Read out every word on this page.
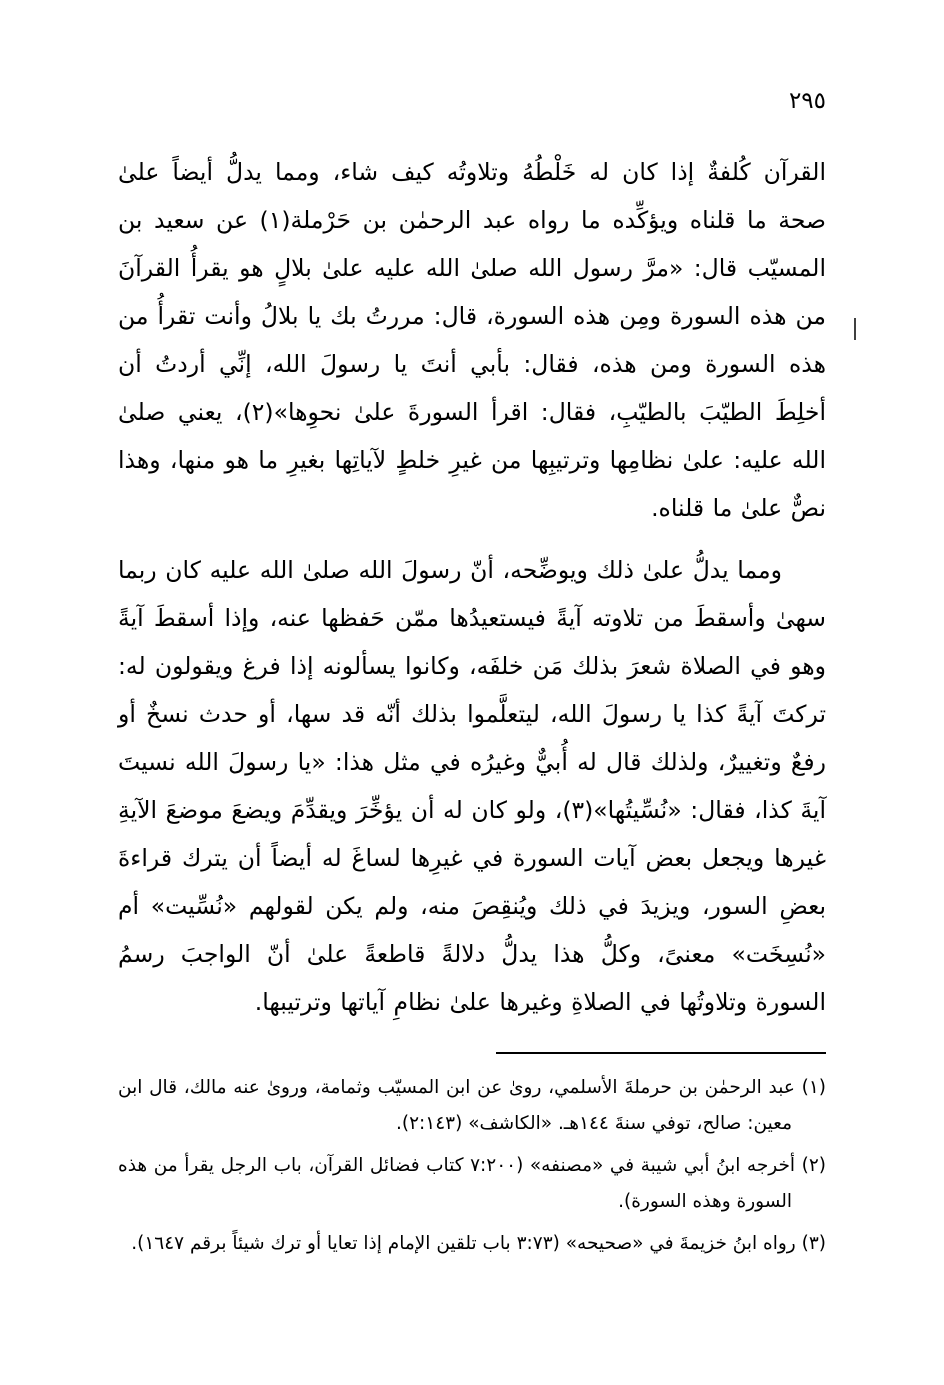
٢٩٥

القرآن كُلفةٌ إذا كان له خَلْطُهُ وتلاوتُه كيف شاء، ومما يدلُّ أيضاً علىٰ صحة ما قلناه ويؤكِّده ما رواه عبد الرحمٰن بن حَرْملة(١) عن سعيد بن المسيّب قال: «مرَّ رسول الله صلىٰ الله عليه علىٰ بلالٍ هو يقرأُ القرآنَ من هذه السورة ومِن هذه السورة، قال: مررتُ بك يا بلالُ وأنت تقرأُ من هذه السورة ومن هذه، فقال: بأبي أنتَ يا رسولَ الله، إنِّي أردتُ أن أخلِطَ الطيّبَ بالطيّبِ، فقال: اقرأ السورةَ علىٰ نحوِها»(٢)، يعني صلىٰ الله عليه: علىٰ نظامِها وترتيبِها من غيرِ خلطٍ لآياتِها بغيرِ ما هو منها، وهذا نصٌّ علىٰ ما قلناه.

ومما يدلُّ علىٰ ذلك ويوضِّحه، أنّ رسولَ الله صلىٰ الله عليه كان ربما سهىٰ وأسقطَ من تلاوته آيةً فيستعيدُها ممّن حَفظها عنه، وإذا أسقطَ آيةً وهو في الصلاة شعرَ بذلك مَن خلفَه، وكانوا يسألونه إذا فرغ ويقولون له: تركتَ آيةً كذا يا رسولَ الله، ليتعلَّموا بذلك أنّه قد سها، أو حدث نسخٌ أو رفعٌ وتغييرٌ، ولذلك قال له أُبيٌّ وغيرُه في مثل هذا: «يا رسولَ الله نسيتَ آيةَ كذا، فقال: «نُسِّيتُها»(٣)، ولو كان له أن يؤخِّرَ ويقدِّمَ ويضعَ موضعَ الآيةِ غيرها ويجعل بعض آيات السورة في غيرِها لساغَ له أيضاً أن يترك قراءةَ بعضِ السور، ويزيدَ في ذلك ويُنقِصَ منه، ولم يكن لقولهم «نُسِّيت» أم «نُسِخَت» معنىً، وكلُّ هذا يدلُّ دلالةً قاطعةً علىٰ أنّ الواجبَ رسمُ السورة وتلاوتُها في الصلاةِ وغيرها علىٰ نظامِ آياتها وترتيبها.

(١) عبد الرحمٰن بن حرملةَ الأسلمي، روىٰ عن ابن المسيّب وثمامة، وروىٰ عنه مالك، قال ابن معين: صالح، توفي سنةَ ١٤٤هـ. «الكاشف» (٢:١٤٣).

(٢) أخرجه ابنُ أبي شيبة في «مصنفه» (٧:٢٠٠ كتاب فضائل القرآن، باب الرجل يقرأ من هذه السورة وهذه السورة).

(٣) رواه ابنُ خزيمةَ في «صحيحه» (٣:٧٣ باب تلقين الإمام إذا تعايا أو ترك شيئاً برقم ١٦٤٧).
